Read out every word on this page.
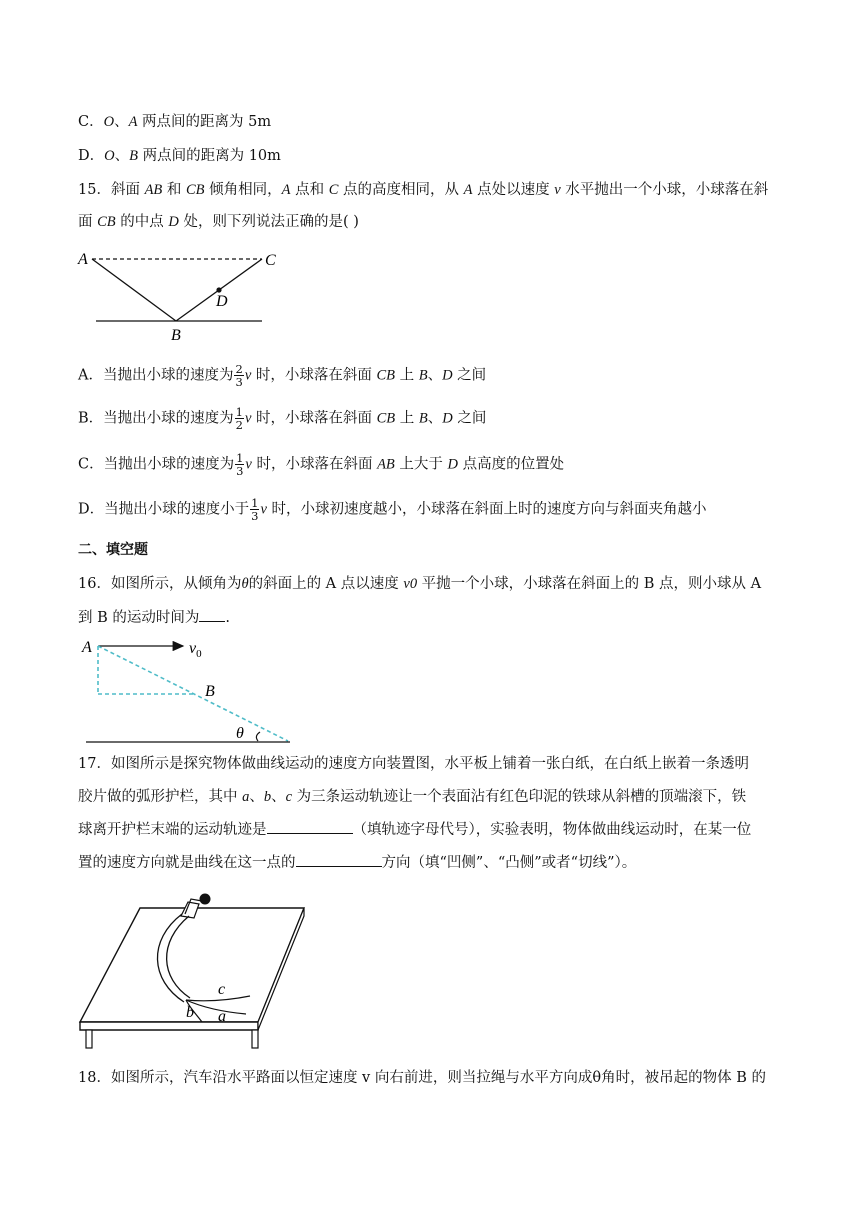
C．O、A 两点间的距离为 5m
D．O、B 两点间的距离为 10m
15．斜面 AB 和 CB 倾角相同，A 点和 C 点的高度相同，从 A 点处以速度 v 水平抛出一个小球，小球落在斜
面 CB 的中点 D 处，则下列说法正确的是( )
A	C
D
B
A．当抛出小球的速度为 $\frac{2}{3}$ v 时，小球落在斜面 CB 上 B、D 之间
B．当抛出小球的速度为 $\frac{1}{2}$ v 时，小球落在斜面 CB 上 B、D 之间
C．当抛出小球的速度为 $\frac{1}{3}$ v 时，小球落在斜面 AB 上大于 D 点高度的位置处
D．当抛出小球的速度小于 $\frac{1}{3}$ v 时，小球初速度越小，小球落在斜面上时的速度方向与斜面夹角越小
二、填空题
16．如图所示，从倾角为θ的斜面上的 A 点以速度 v0 平抛一个小球，小球落在斜面上的 B 点，则小球从 A
到 B 的运动时间为 .
A	$v_0$
B
θ
17．如图所示是探究物体做曲线运动的速度方向装置图，水平板上铺着一张白纸，在白纸上嵌着一条透明
胶片做的弧形护栏，其中 a、b、c 为三条运动轨迹让一个表面沾有红色印泥的铁球从斜槽的顶端滚下，铁
球离开护栏末端的运动轨迹是	（填轨迹字母代号），实验表明，物体做曲线运动时，在某一位
置的速度方向就是曲线在这一点的	方向（填“凹侧”、“凸侧”或者“切线”）。
c
b a
18．如图所示，汽车沿水平路面以恒定速度 v 向右前进，则当拉绳与水平方向成θ角时，被吊起的物体 B 的
